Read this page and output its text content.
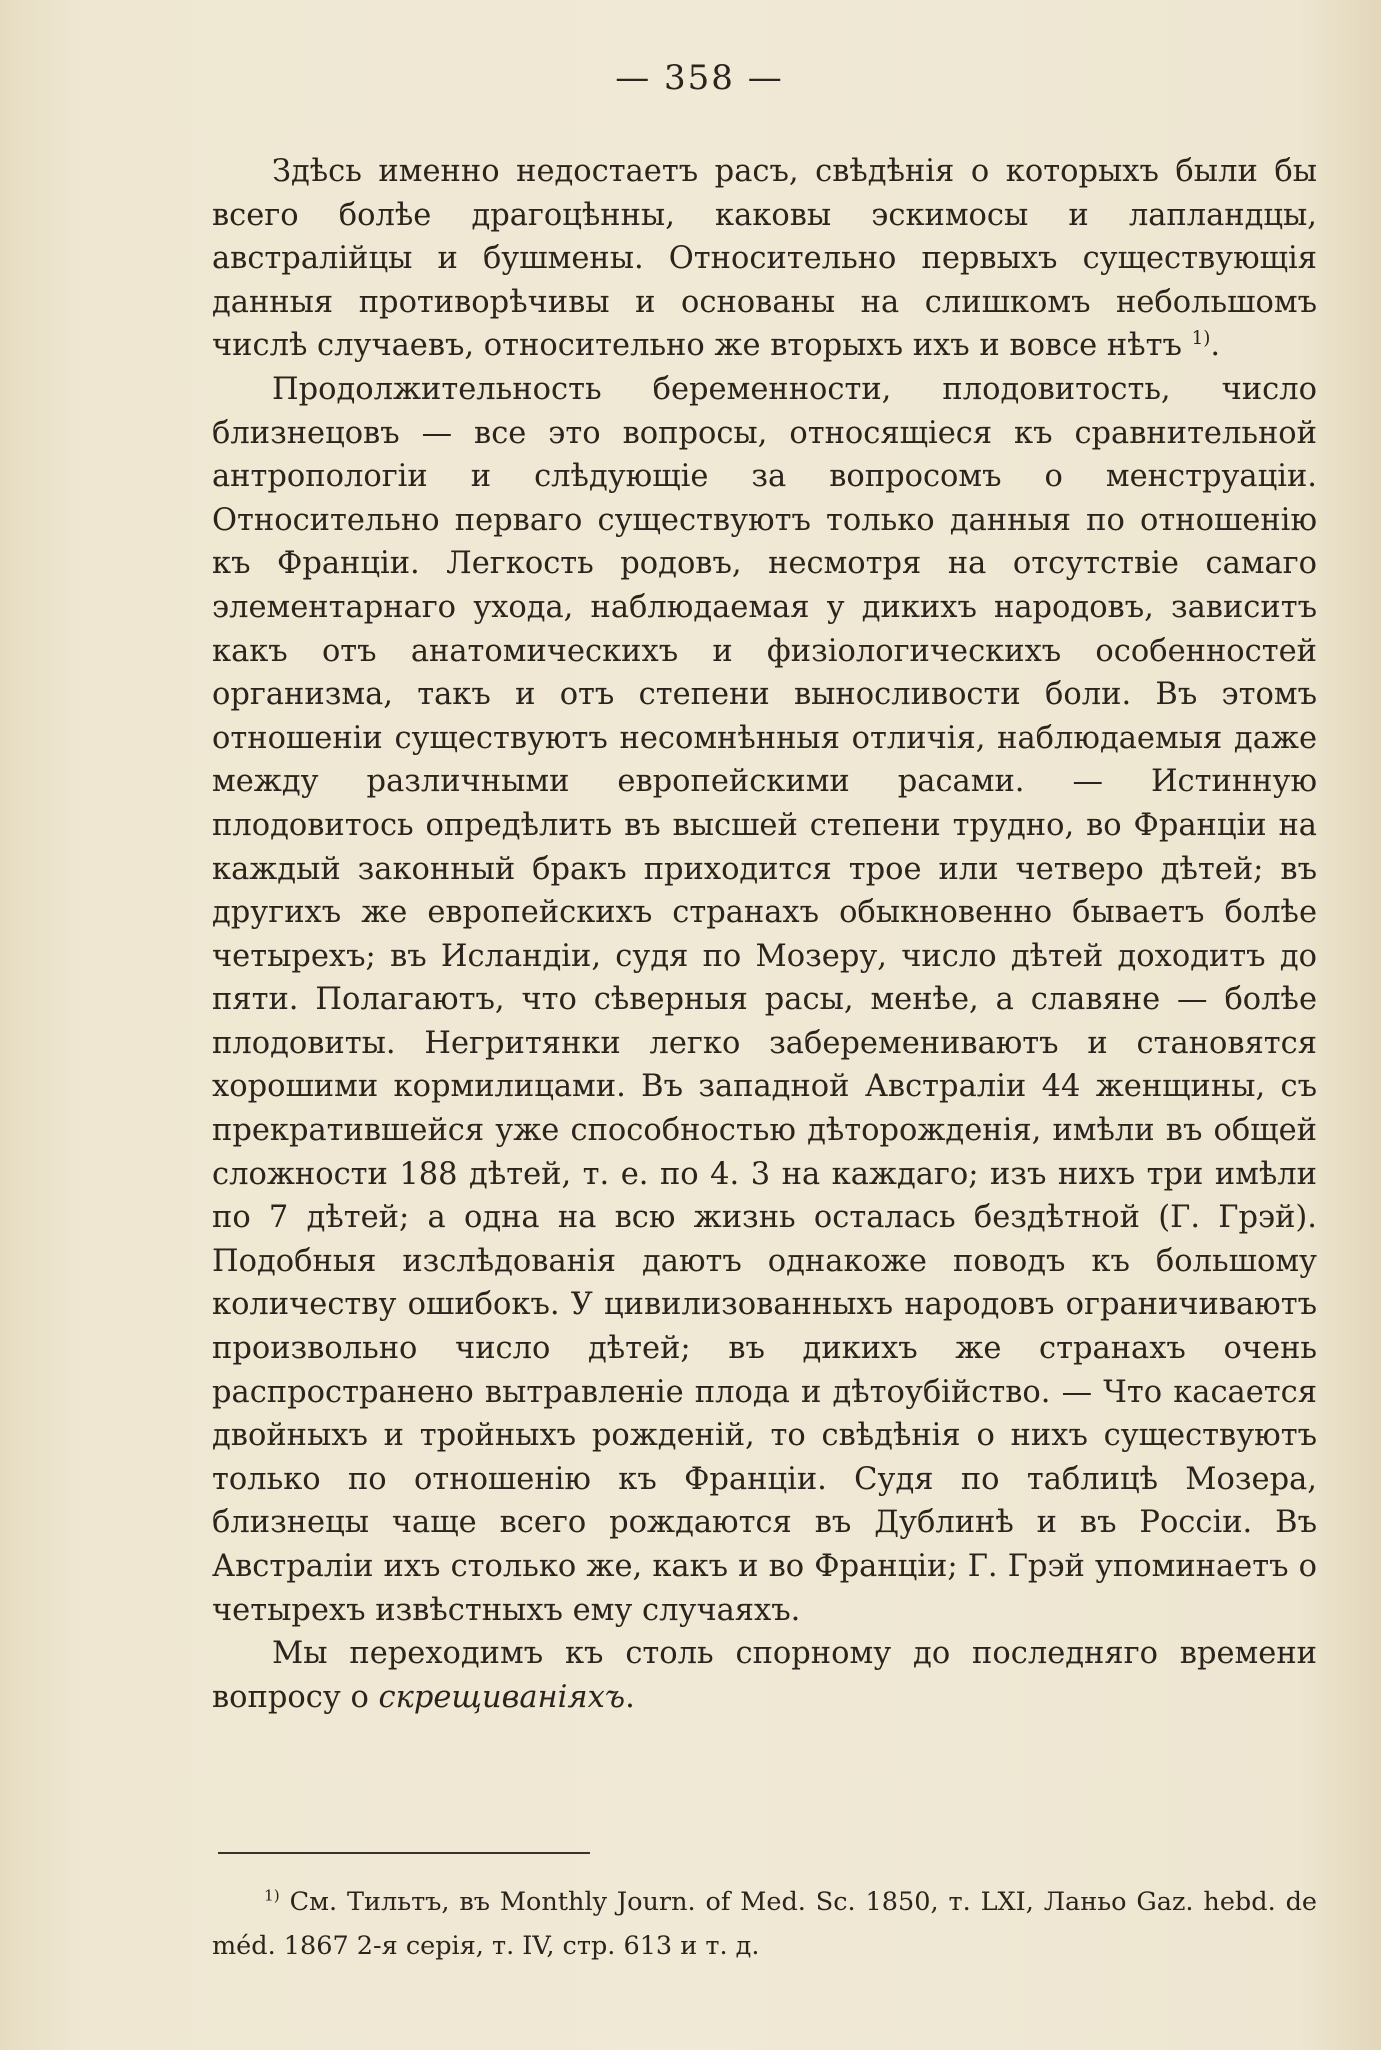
— 358 —

Здѣсь именно недостаетъ расъ, свѣдѣнія о которыхъ были бы всего болѣе драгоцѣнны, каковы эскимосы и лапландцы, австралійцы и бушмены. Относительно первыхъ существующія данныя противорѣчивы и основаны на слишкомъ небольшомъ числѣ случаевъ, относительно же вторыхъ ихъ и вовсе нѣтъ $^{1)}$.

Продолжительность беременности, плодовитость, число близнецовъ — все это вопросы, относящіеся къ сравнительной антропологіи и слѣдующіе за вопросомъ о менструаціи. Относительно перваго существуютъ только данныя по отношенію къ Франціи. Легкость родовъ, несмотря на отсутствіе самаго элементарнаго ухода, наблюдаемая у дикихъ народовъ, зависитъ какъ отъ анатомическихъ и физіологическихъ особенностей организма, такъ и отъ степени выносливости боли. Въ этомъ отношеніи существуютъ несомнѣнныя отличія, наблюдаемыя даже между различными европейскими расами. — Истинную плодовитось опредѣлить въ высшей степени трудно, во Франціи на каждый законный бракъ приходится трое или четверо дѣтей; въ другихъ же европейскихъ странахъ обыкновенно бываетъ болѣе четырехъ; въ Исландіи, судя по Мозеру, число дѣтей доходитъ до пяти. Полагаютъ, что сѣверныя расы, менѣе, а славяне — болѣе плодовиты. Негритянки легко заберемениваютъ и становятся хорошими кормилицами. Въ западной Австраліи 44 женщины, съ прекратившейся уже способностью дѣторожденія, имѣли въ общей сложности 188 дѣтей, т. е. по 4. 3 на каждаго; изъ нихъ три имѣли по 7 дѣтей; а одна на всю жизнь осталась бездѣтной (Г. Грэй). Подобныя изслѣдованія даютъ однакоже поводъ къ большому количеству ошибокъ. У цивилизованныхъ народовъ ограничиваютъ произвольно число дѣтей; въ дикихъ же странахъ очень распространено вытравленіе плода и дѣтоубійство. — Что касается двойныхъ и тройныхъ рожденій, то свѣдѣнія о нихъ существуютъ только по отношенію къ Франціи. Судя по таблицѣ Мозера, близнецы чаще всего рождаются въ Дублинѣ и въ Россіи. Въ Австраліи ихъ столько же, какъ и во Франціи; Г. Грэй упоминаетъ о четырехъ извѣстныхъ ему случаяхъ.

Мы переходимъ къ столь спорному до последняго времени вопросу о скрещиваніяхъ.

$^{1)}$ См. Тильтъ, въ Monthly Journ. of Med. Sc. 1850, т. LXI, Ланьо Gaz. hebd. de méd. 1867 2-я серія, т. IV, стр. 613 и т. д.
